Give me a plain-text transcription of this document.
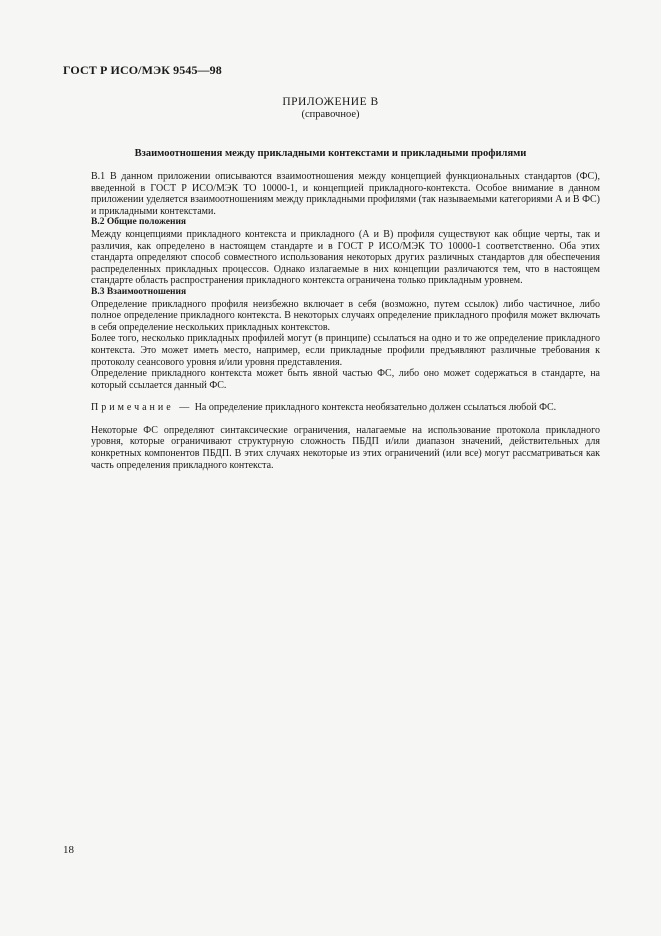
ГОСТ Р ИСО/МЭК 9545—98
ПРИЛОЖЕНИЕ В
(справочное)
Взаимоотношения между прикладными контекстами и прикладными профилями

В.1 В данном приложении описываются взаимоотношения между концепцией функциональных стандартов (ФС), введенной в ГОСТ Р ИСО/МЭК ТО 10000-1, и концепцией прикладного-контекста. Особое внимание в данном приложении уделяется взаимоотношениям между прикладными профилями (так называемыми категориями А и В ФС) и прикладными контекстами.

В.2 Общие положения

Между концепциями прикладного контекста и прикладного (А и В) профиля существуют как общие черты, так и различия, как определено в настоящем стандарте и в ГОСТ Р ИСО/МЭК ТО 10000-1 соответственно. Оба этих стандарта определяют способ совместного использования некоторых других различных стандартов для обеспечения распределенных прикладных процессов. Однако излагаемые в них концепции различаются тем, что в настоящем стандарте область распространения прикладного контекста ограничена только прикладным уровнем.

В.3 Взаимоотношения

Определение прикладного профиля неизбежно включает в себя (возможно, путем ссылок) либо частичное, либо полное определение прикладного контекста. В некоторых случаях определение прикладного профиля может включать в себя определение нескольких прикладных контекстов.

Более того, несколько прикладных профилей могут (в принципе) ссылаться на одно и то же определение прикладного контекста. Это может иметь место, например, если прикладные профили предъявляют различные требования к протоколу сеансового уровня и/или уровня представления.

Определение прикладного контекста может быть явной частью ФС, либо оно может содержаться в стандарте, на который ссылается данный ФС.

Примечание — На определение прикладного контекста необязательно должен ссылаться любой ФС.

Некоторые ФС определяют синтаксические ограничения, налагаемые на использование протокола прикладного уровня, которые ограничивают структурную сложность ПБДП и/или диапазон значений, действительных для конкретных компонентов ПБДП. В этих случаях некоторые из этих ограничений (или все) могут рассматриваться как часть определения прикладного контекста.

18
